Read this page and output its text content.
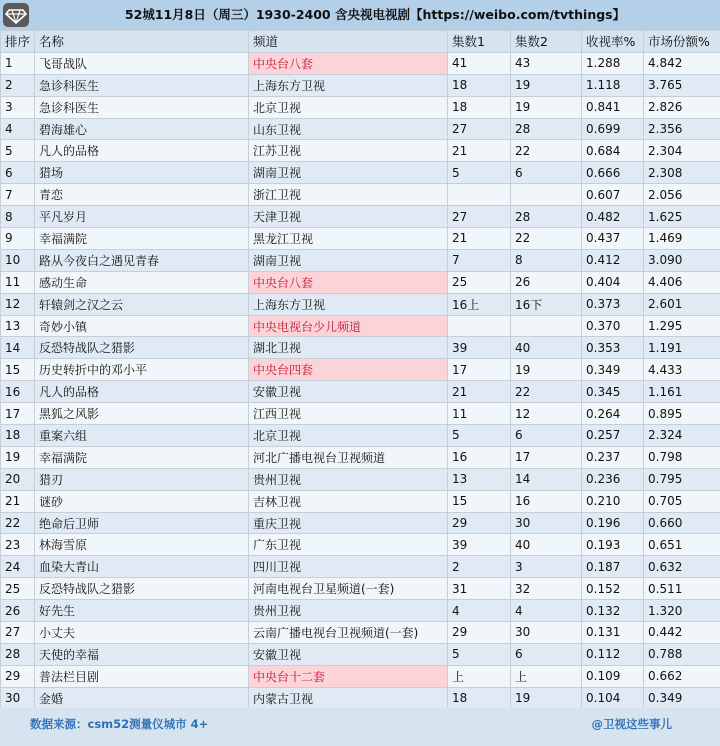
52城11月8日（周三）1930-2400 含央视电视剧【https://weibo.com/tvthings】
排序	名称	频道	集数1	集数2	收视率%	市场份额%
1	飞哥战队	中央台八套	41	43	1.288	4.842
2	急诊科医生	上海东方卫视	18	19	1.118	3.765
3	急诊科医生	北京卫视	18	19	0.841	2.826
4	碧海雄心	山东卫视	27	28	0.699	2.356
5	凡人的品格	江苏卫视	21	22	0.684	2.304
6	猎场	湖南卫视	5	6	0.666	2.308
7	青恋	浙江卫视			0.607	2.056
8	平凡岁月	天津卫视	27	28	0.482	1.625
9	幸福满院	黑龙江卫视	21	22	0.437	1.469
10	路从今夜白之遇见青春	湖南卫视	7	8	0.412	3.090
11	感动生命	中央台八套	25	26	0.404	4.406
12	轩辕剑之汉之云	上海东方卫视	16上	16下	0.373	2.601
13	奇妙小镇	中央电视台少儿频道			0.370	1.295
14	反恐特战队之猎影	湖北卫视	39	40	0.353	1.191
15	历史转折中的邓小平	中央台四套	17	19	0.349	4.433
16	凡人的品格	安徽卫视	21	22	0.345	1.161
17	黑狐之风影	江西卫视	11	12	0.264	0.895
18	重案六组	北京卫视	5	6	0.257	2.324
19	幸福满院	河北广播电视台卫视频道	16	17	0.237	0.798
20	猎刃	贵州卫视	13	14	0.236	0.795
21	谜砂	吉林卫视	15	16	0.210	0.705
22	绝命后卫师	重庆卫视	29	30	0.196	0.660
23	林海雪原	广东卫视	39	40	0.193	0.651
24	血染大青山	四川卫视	2	3	0.187	0.632
25	反恐特战队之猎影	河南电视台卫星频道(一套)	31	32	0.152	0.511
26	好先生	贵州卫视	4	4	0.132	1.320
27	小丈夫	云南广播电视台卫视频道(一套)	29	30	0.131	0.442
28	天使的幸福	安徽卫视	5	6	0.112	0.788
29	普法栏目剧	中央台十二套	上	上	0.109	0.662
30	金婚	内蒙古卫视	18	19	0.104	0.349
数据来源：csm52测量仪城市 4+	@卫视这些事儿
